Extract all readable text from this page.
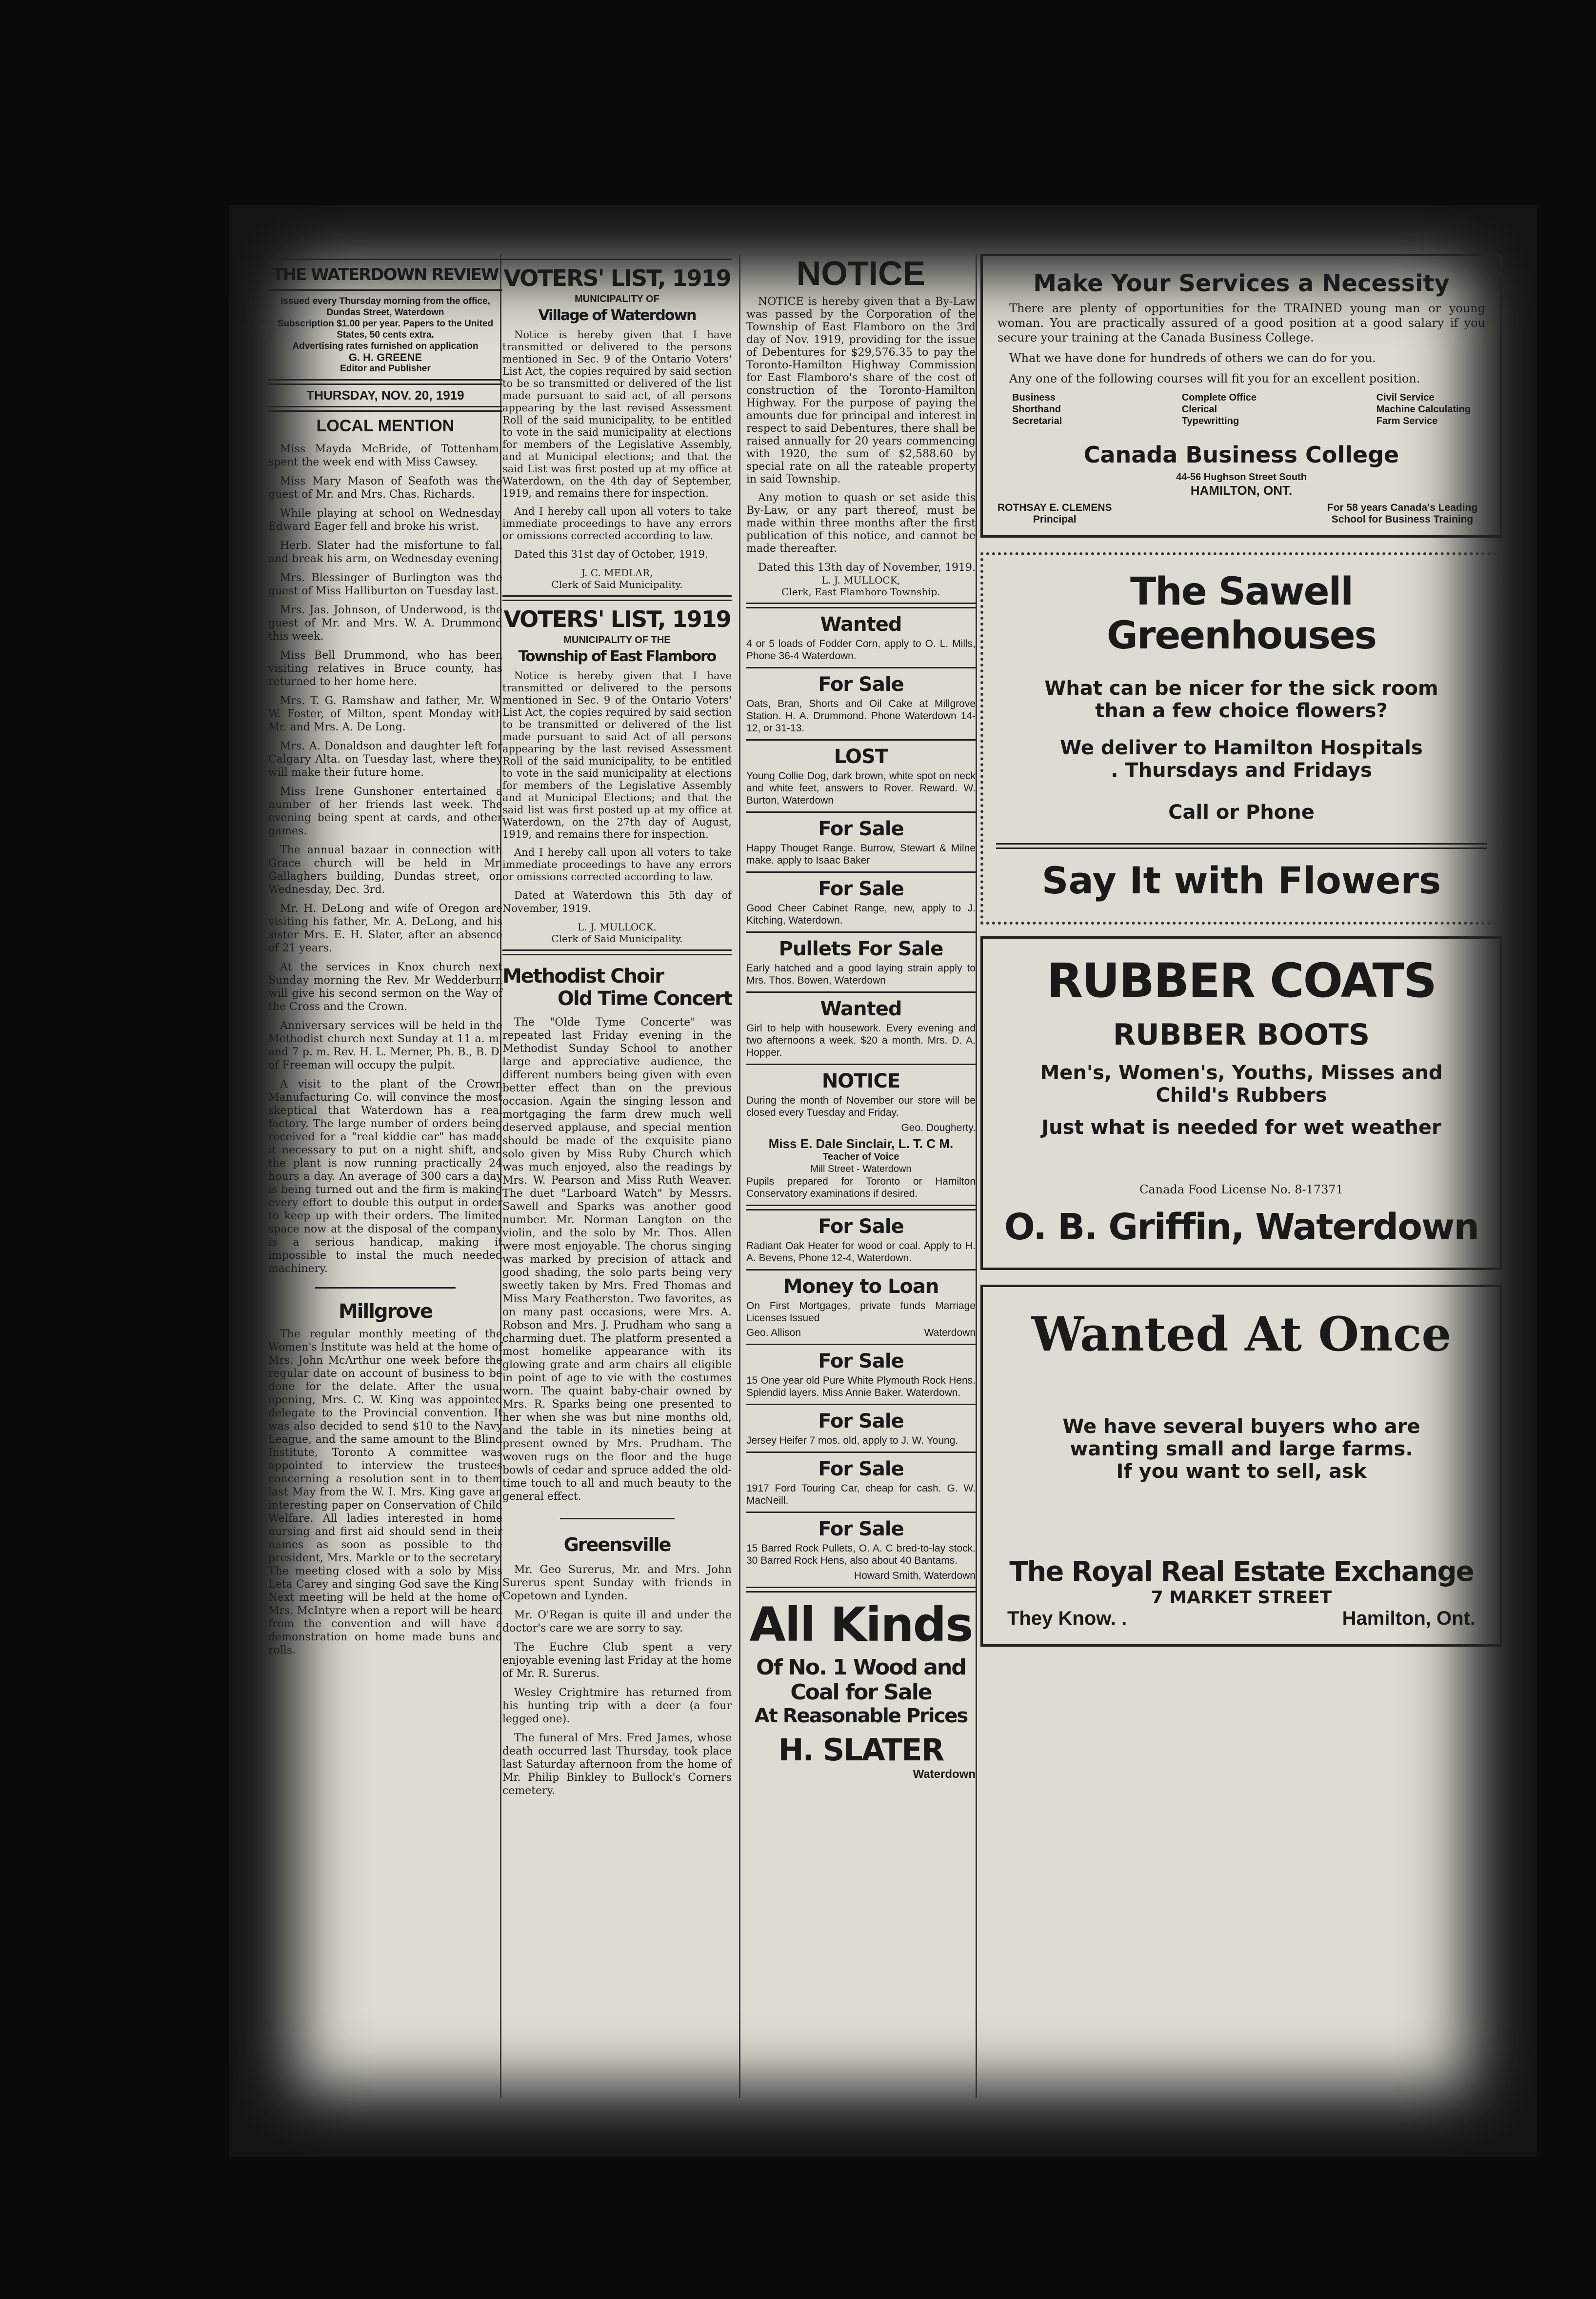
THE WATERDOWN REVIEW

Issued every Thursday morning from the office, Dundas Street, Waterdown

Subscription $1.00 per year. Papers to the United States, 50 cents extra.

Advertising rates furnished on application

G. H. GREENE

Editor and Publisher

THURSDAY, NOV. 20, 1919

LOCAL MENTION

Miss Mayda McBride, of Tottenham, spent the week end with Miss Cawsey.

Miss Mary Mason of Seafoth was the guest of Mr. and Mrs. Chas. Richards.

While playing at school on Wednesday, Edward Eager fell and broke his wrist.

Herb. Slater had the misfortune to fall and break his arm, on Wednesday evening.

Mrs. Blessinger of Burlington was the guest of Miss Halliburton on Tuesday last.

Mrs. Jas. Johnson, of Underwood, is the guest of Mr. and Mrs. W. A. Drummond this week.

Miss Bell Drummond, who has been visiting relatives in Bruce county, has returned to her home here.

Mrs. T. G. Ramshaw and father, Mr. W. W. Foster, of Milton, spent Monday with Mr. and Mrs. A. De Long.

Mrs. A. Donaldson and daughter left for Calgary Alta. on Tuesday last, where they will make their future home.

Miss Irene Gunshoner entertained a number of her friends last week. The evening being spent at cards, and other games.

The annual bazaar in connection with Grace church will be held in Mr. Gallaghers building, Dundas street, on Wednesday, Dec. 3rd.

Mr. H. DeLong and wife of Oregon are visiting his father, Mr. A. DeLong, and his sister Mrs. E. H. Slater, after an absence of 21 years.

At the services in Knox church next Sunday morning the Rev. Mr Wedderburn will give his second sermon on the Way of the Cross and the Crown.

Anniversary services will be held in the Methodist church next Sunday at 11 a. m. and 7 p. m. Rev. H. L. Merner, Ph. B., B. D. of Freeman will occupy the pulpit.

A visit to the plant of the Crown Manufacturing Co. will convince the most skeptical that Waterdown has a real factory. The large number of orders being received for a "real kiddie car" has made it necessary to put on a night shift, and the plant is now running practically 24 hours a day. An average of 300 cars a day is being turned out and the firm is making every effort to double this output in order to keep up with their orders. The limited space now at the disposal of the company is a serious handicap, making it impossible to instal the much needed machinery.

Millgrove

The regular monthly meeting of the Women's Institute was held at the home of Mrs. John McArthur one week before the regular date on account of business to be done for the delate. After the usual opening, Mrs. C. W. King was appointed delegate to the Provincial convention. It was also decided to send $10 to the Navy League, and the same amount to the Blind Institute, Toronto A committee was appointed to interview the trustees concerning a resolution sent in to them last May from the W. I. Mrs. King gave an interesting paper on Conservation of Child Welfare. All ladies interested in home nursing and first aid should send in their names as soon as possible to the president, Mrs. Markle or to the secretary. The meeting closed with a solo by Miss Leta Carey and singing God save the King. Next meeting will be held at the home of Mrs. McIntyre when a report will be heard from the convention and will have a demonstration on home made buns and rolls.

VOTERS' LIST, 1919

MUNICIPALITY OF

Village of Waterdown

Notice is hereby given that I have transmitted or delivered to the persons mentioned in Sec. 9 of the Ontario Voters' List Act, the copies required by said section to be so transmitted or delivered of the list made pursuant to said act, of all persons appearing by the last revised Assessment Roll of the said municipality, to be entitled to vote in the said municipality at elections for members of the Legislative Assembly, and at Municipal elections; and that the said List was first posted up at my office at Waterdown, on the 4th day of September, 1919, and remains there for inspection.

And I hereby call upon all voters to take immediate proceedings to have any errors or omissions corrected according to law.

Dated this 31st day of October, 1919.

J. C. MEDLAR,

Clerk of Said Municipality.

VOTERS' LIST, 1919

MUNICIPALITY OF THE

Township of East Flamboro

Notice is hereby given that I have transmitted or delivered to the persons mentioned in Sec. 9 of the Ontario Voters' List Act, the copies required by said section to be transmitted or delivered of the list made pursuant to said Act of all persons appearing by the last revised Assessment Roll of the said municipality, to be entitled to vote in the said municipality at elections for members of the Legislative Assembly and at Municipal Elections; and that the said list was first posted up at my office at Waterdown, on the 27th day of August, 1919, and remains there for inspection.

And I hereby call upon all voters to take immediate proceedings to have any errors or omissions corrected according to law.

Dated at Waterdown this 5th day of November, 1919.

L. J. MULLOCK.

Clerk of Said Municipality.

Methodist Choir
Old Time Concert

The "Olde Tyme Concerte" was repeated last Friday evening in the Methodist Sunday School to another large and appreciative audience, the different numbers being given with even better effect than on the previous occasion. Again the singing lesson and mortgaging the farm drew much well deserved applause, and special mention should be made of the exquisite piano solo given by Miss Ruby Church which was much enjoyed, also the readings by Mrs. W. Pearson and Miss Ruth Weaver. The duet "Larboard Watch" by Messrs. Sawell and Sparks was another good number. Mr. Norman Langton on the violin, and the solo by Mr. Thos. Allen were most enjoyable. The chorus singing was marked by precision of attack and good shading, the solo parts being very sweetly taken by Mrs. Fred Thomas and Miss Mary Featherston. Two favorites, as on many past occasions, were Mrs. A. Robson and Mrs. J. Prudham who sang a charming duet. The platform presented a most homelike appearance with its glowing grate and arm chairs all eligible in point of age to vie with the costumes worn. The quaint baby-chair owned by Mrs. R. Sparks being one presented to her when she was but nine months old, and the table in its nineties being at present owned by Mrs. Prudham. The woven rugs on the floor and the huge bowls of cedar and spruce added the old-time touch to all and much beauty to the general effect.

Greensville

Mr. Geo Surerus, Mr. and Mrs. John Surerus spent Sunday with friends in Copetown and Lynden.

Mr. O'Regan is quite ill and under the doctor's care we are sorry to say.

The Euchre Club spent a very enjoyable evening last Friday at the home of Mr. R. Surerus.

Wesley Crightmire has returned from his hunting trip with a deer (a four legged one).

The funeral of Mrs. Fred James, whose death occurred last Thursday, took place last Saturday afternoon from the home of Mr. Philip Binkley to Bullock's Corners cemetery.

NOTICE

NOTICE is hereby given that a By-Law was passed by the Corporation of the Township of East Flamboro on the 3rd day of Nov. 1919, providing for the issue of Debentures for $29,576.35 to pay the Toronto-Hamilton Highway Commission for East Flamboro's share of the cost of construction of the Toronto-Hamilton Highway. For the purpose of paying the amounts due for principal and interest in respect to said Debentures, there shall be raised annually for 20 years commencing with 1920, the sum of $2,588.60 by special rate on all the rateable property in said Township.

Any motion to quash or set aside this By-Law, or any part thereof, must be made within three months after the first publication of this notice, and cannot be made thereafter.

Dated this 13th day of November, 1919.

L. J. MULLOCK,

Clerk, East Flamboro Township.

Wanted

4 or 5 loads of Fodder Corn, apply to O. L. Mills, Phone 36-4 Waterdown.

For Sale

Oats, Bran, Shorts and Oil Cake at Millgrove Station. H. A. Drummond. Phone Waterdown 14-12, or 31-13.

LOST

Young Collie Dog, dark brown, white spot on neck and white feet, answers to Rover. Reward. W. Burton, Waterdown

For Sale

Happy Thouget Range. Burrow, Stewart & Milne make. apply to Isaac Baker

For Sale

Good Cheer Cabinet Range, new, apply to J. Kitching, Waterdown.

Pullets For Sale

Early hatched and a good laying strain apply to Mrs. Thos. Bowen, Waterdown

Wanted

Girl to help with housework. Every evening and two afternoons a week. $20 a month. Mrs. D. A. Hopper.

NOTICE

During the month of November our store will be closed every Tuesday and Friday.

Geo. Dougherty.

Miss E. Dale Sinclair, L. T. C M.

Teacher of Voice

Mill Street - Waterdown

Pupils prepared for Toronto or Hamilton Conservatory examinations if desired.

For Sale

Radiant Oak Heater for wood or coal. Apply to H. A. Bevens, Phone 12-4, Waterdown.

Money to Loan

On First Mortgages, private funds Marriage Licenses Issued

Geo. Allison	Waterdown
For Sale

15 One year old Pure White Plymouth Rock Hens. Splendid layers. Miss Annie Baker. Waterdown.

For Sale

Jersey Heifer 7 mos. old, apply to J. W. Young.

For Sale

1917 Ford Touring Car, cheap for cash. G. W. MacNeill.

For Sale

15 Barred Rock Pullets, O. A. C bred-to-lay stock. 30 Barred Rock Hens, also about 40 Bantams.

Howard Smith, Waterdown

All Kinds

Of No. 1 Wood and

Coal for Sale

At Reasonable Prices

H. SLATER

Waterdown

Make Your Services a Necessity

There are plenty of opportunities for the TRAINED young man or young woman. You are practically assured of a good position at a good salary if you secure your training at the Canada Business College.

What we have done for hundreds of others we can do for you.

Any one of the following courses will fit you for an excellent position.

Business
Shorthand
Secretarial
Complete Office
Clerical
Typewritting
Civil Service
Machine Calculating
Farm Service
Canada Business College

44-56 Hughson Street South

HAMILTON, ONT.

ROTHSAY E. CLEMENS
Principal
For 58 years Canada's Leading School for Business Training
The Sawell Greenhouses

What can be nicer for the sick room

than a few choice flowers?

We deliver to Hamilton Hospitals

. Thursdays and Fridays

Call or Phone

Say It with Flowers
RUBBER COATS
RUBBER BOOTS

Men's, Women's, Youths, Misses and

Child's Rubbers

Just what is needed for wet weather

Canada Food License No. 8-17371

O. B. Griffin, Waterdown
Wanted At Once

We have several buyers who are

wanting small and large farms.

If you want to sell, ask

The Royal Real Estate Exchange

7 MARKET STREET

They Know. .	Hamilton, Ont.
